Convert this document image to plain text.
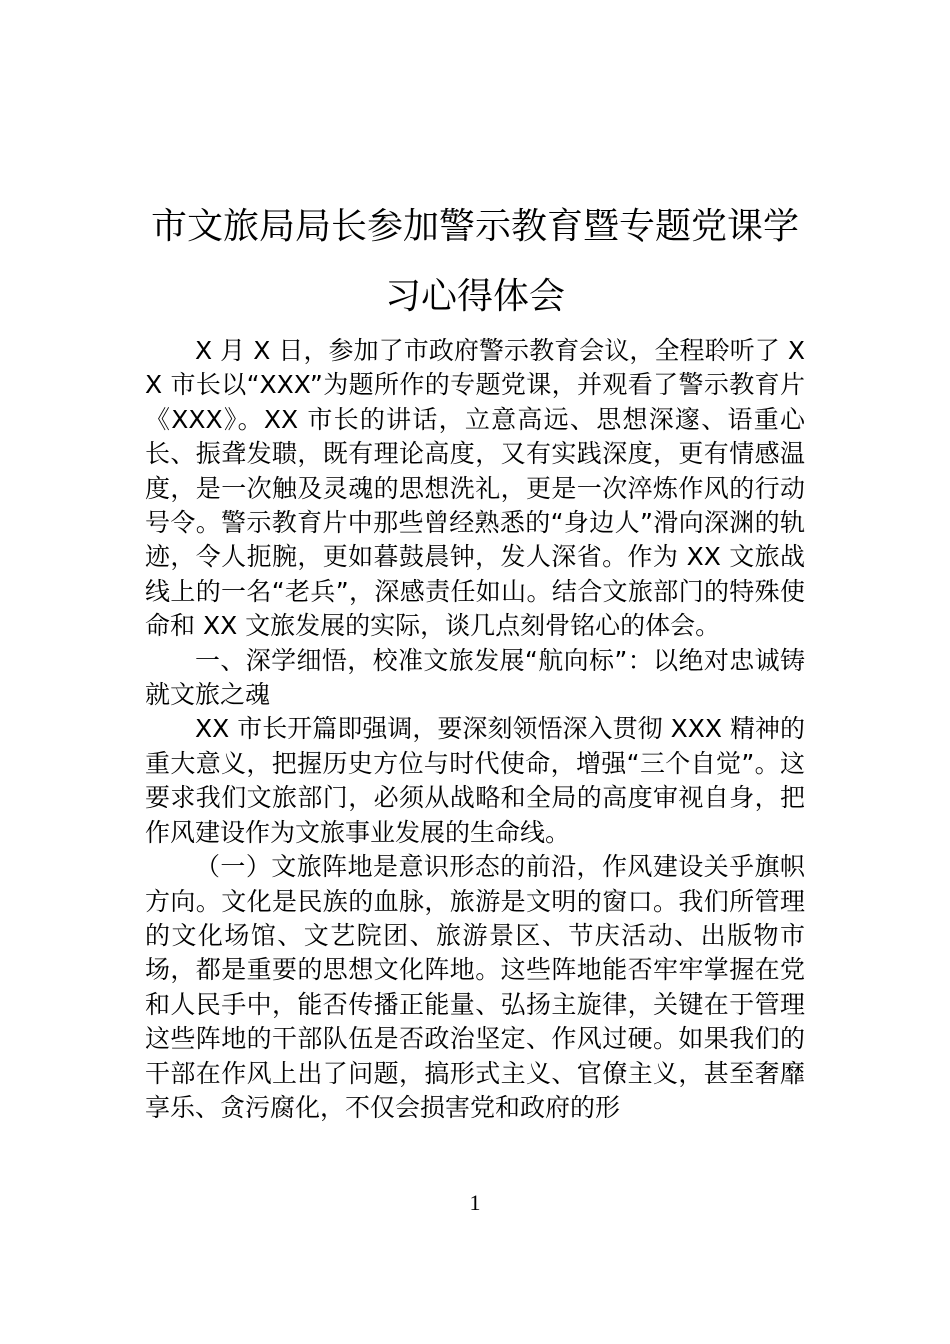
市文旅局局长参加警示教育暨专题党课学
习心得体会

X 月 X 日，参加了市政府警示教育会议，全程聆听了 XX 市长以“XXX”为题所作的专题党课，并观看了警示教育片《XXX》。XX 市长的讲话，立意高远、思想深邃、语重心长、振聋发聩，既有理论高度，又有实践深度，更有情感温度，是一次触及灵魂的思想洗礼，更是一次淬炼作风的行动号令。警示教育片中那些曾经熟悉的“身边人”滑向深渊的轨迹，令人扼腕，更如暮鼓晨钟，发人深省。作为 XX 文旅战线上的一名“老兵”，深感责任如山。结合文旅部门的特殊使命和 XX 文旅发展的实际，谈几点刻骨铭心的体会。

一、深学细悟，校准文旅发展“航向标”：以绝对忠诚铸就文旅之魂

XX 市长开篇即强调，要深刻领悟深入贯彻 XXX 精神的重大意义，把握历史方位与时代使命，增强“三个自觉”。这要求我们文旅部门，必须从战略和全局的高度审视自身，把作风建设作为文旅事业发展的生命线。

（一）文旅阵地是意识形态的前沿，作风建设关乎旗帜方向。文化是民族的血脉，旅游是文明的窗口。我们所管理的文化场馆、文艺院团、旅游景区、节庆活动、出版物市场，都是重要的思想文化阵地。这些阵地能否牢牢掌握在党和人民手中，能否传播正能量、弘扬主旋律，关键在于管理这些阵地的干部队伍是否政治坚定、作风过硬。如果我们的干部在作风上出了问题，搞形式主义、官僚主义，甚至奢靡享乐、贪污腐化，不仅会损害党和政府的形

1
